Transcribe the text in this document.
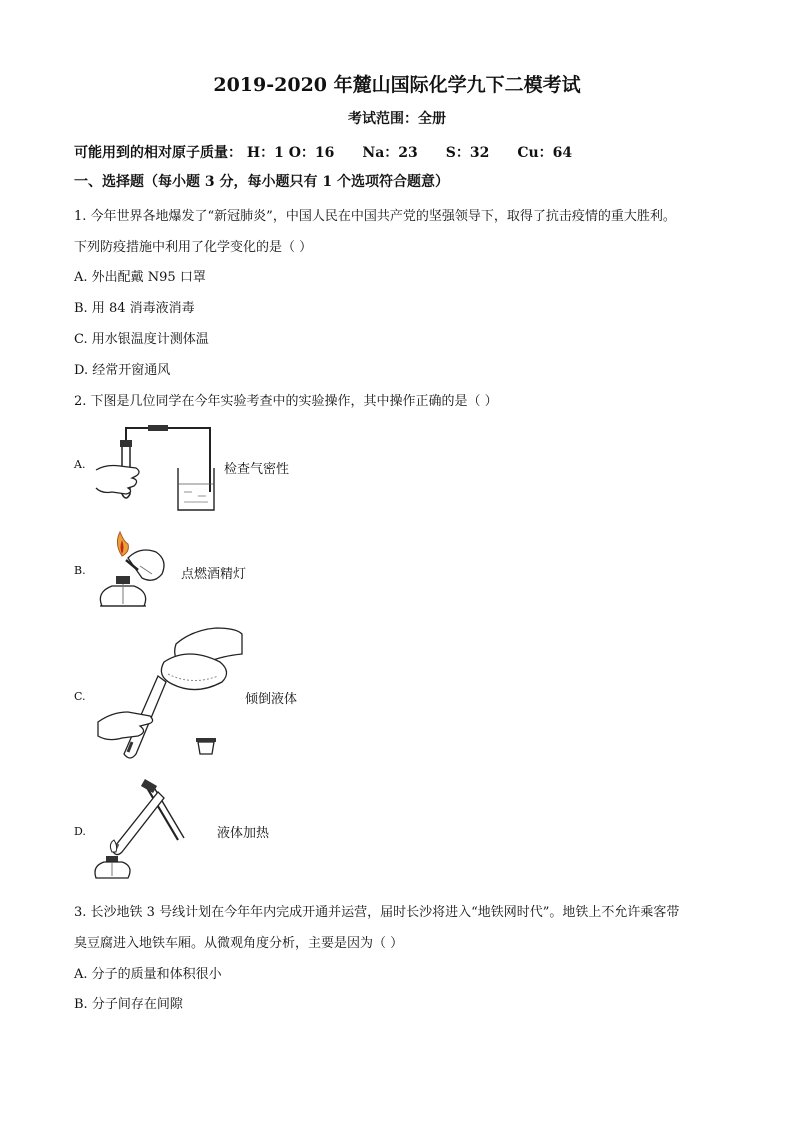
2019-2020 年麓山国际化学九下二模考试
考试范围：全册
可能用到的相对原子质量： H：1 O：16　　Na：23　　S：32　　Cu：64
一、选择题（每小题 3 分，每小题只有 1 个选项符合题意）
1. 今年世界各地爆发了“新冠肺炎”，中国人民在中国共产党的坚强领导下，取得了抗击疫情的重大胜利。
下列防疫措施中利用了化学变化的是（ ）
A. 外出配戴 N95 口罩
B. 用 84 消毒液消毒
C. 用水银温度计测体温
D. 经常开窗通风
2. 下图是几位同学在今年实验考查中的实验操作，其中操作正确的是（ ）
A.	检查气密性
B.	点燃酒精灯
C.	倾倒液体
D.	液体加热
3. 长沙地铁 3 号线计划在今年年内完成开通并运营，届时长沙将进入“地铁网时代”。地铁上不允许乘客带
臭豆腐进入地铁车厢。从微观角度分析，主要是因为（ ）
A. 分子的质量和体积很小
B. 分子间存在间隙
